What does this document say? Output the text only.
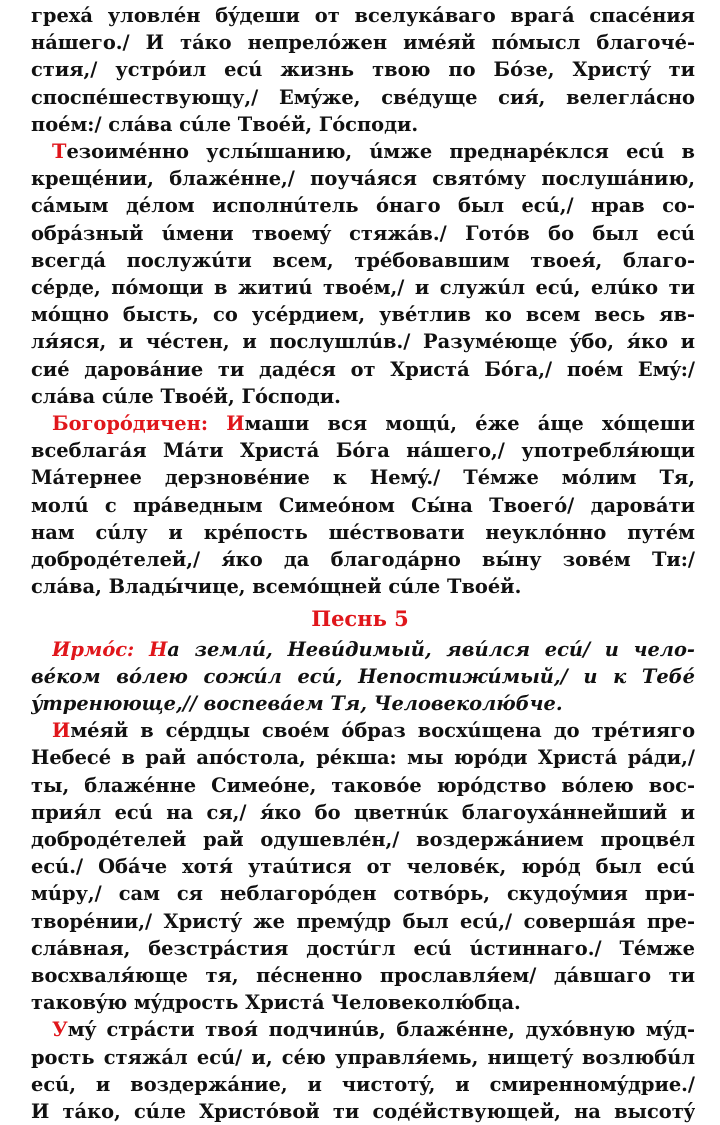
грехá уловлéн бýдеши от вселукáваго врагá спасéния
нáшего./ И тáко непрелóжен имéяй пóмысл благочé-
стия,/ устрóил есú жизнь твою по Бóзе, Христý ти
споспéшествующу,/ Емýже, свéдуще сия́, велеглáсно
поéм:/ слáва сúле Твоéй, Гóсподи.
Тезоимéнно услы́шанию, úмже преднарéклся есú в
крещéнии, блажéнне,/ поучáяся святóму послушáнию,
сáмым дéлом исполнúтель óнаго был есú,/ нрав со-
обрáзный úмени твоемý стяжáв./ Готóв бо был есú
всегдá послужúти всем, трéбовавшим твоея́, благо-
сéрде, пóмощи в житиú твоéм,/ и служúл есú, елúко ти
мóщно бысть, со усéрдием, увéтлив ко всем весь яв-
ля́яся, и чéстен, и послушлúв./ Разумéюще ýбо, я́ко и
сиé даровáние ти дадéся от Христá Бóга,/ поéм Емý:/
слáва сúле Твоéй, Гóсподи.
Богорóдичен: Имаши вся мощú, éже áще хóщеши
всеблагáя Мáти Христá Бóга нáшего,/ употребля́ющи
Мáтернее дерзновéние к Немý./ Тéмже мóлим Тя,
молú с прáведным Симеóном Сы́на Твоегó/ даровáти
нам сúлу и крéпость шéствовати неуклóнно путéм
добродéтелей,/ я́ко да благодáрно вы́ну зовéм Ти:/
слáва, Влады́чице, всемóщней сúле Твоéй.
Песнь 5
Ирмóс: На землú, Невúдимый, явúлся есú/ и чело-
вéком вóлею сожúл есú, Непостижúмый,/ и к Тебé
ýтренююще,// воспевáем Тя, Человеколю́бче.
Имéяй в сéрдцы своéм óбраз восхúщена до трéтияго
Небесé в рай апóстола, рéкша: мы юрóди Христá рáди,/
ты, блажéнне Симеóне, таковóе юрóдство вóлею вос-
прия́л есú на ся,/ я́ко бо цветнúк благоухáннейший и
добродéтелей рай одушевлéн,/ воздержáнием процвéл
есú./ Обáче хотя́ утаúтися от человéк, юрóд был есú
мúру,/ сам ся неблагорóден сотвóрь, скудоýмия при-
творéнии,/ Христý же премýдр был есú,/ совершáя пре-
слáвная, безстрáстия достúгл есú úстиннаго./ Тéмже
восхваля́юще тя, пéсненно прославля́ем/ дáвшаго ти
таковýю мýдрость Христá Человеколю́бца.
Умý стрáсти твоя́ подчинúв, блажéнне, духóвную мýд-
рость стяжáл есú/ и, сéю управля́емь, нищетý возлюбúл
есú, и воздержáние, и чистотý, и смиренномýдрие./
И тáко, сúле Христóвой ти содéйствующей, на высотý
